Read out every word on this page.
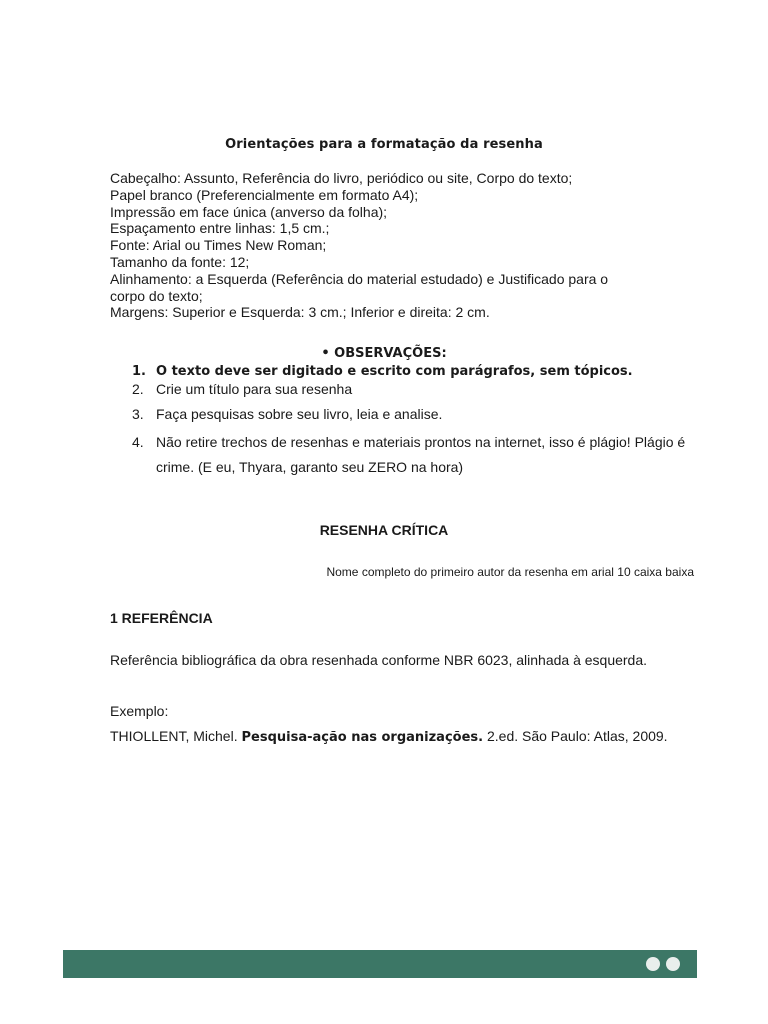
Orientações para a formatação da resenha
Cabeçalho: Assunto, Referência do livro, periódico ou site, Corpo do texto;
Papel branco (Preferencialmente em formato A4);
Impressão em face única (anverso da folha);
Espaçamento entre linhas: 1,5 cm.;
Fonte: Arial ou Times New Roman;
Tamanho da fonte: 12;
Alinhamento: a Esquerda (Referência do material estudado) e Justificado para o
corpo do texto;
Margens: Superior e Esquerda: 3 cm.; Inferior e direita: 2 cm.
• OBSERVAÇÕES:
1. O texto deve ser digitado e escrito com parágrafos, sem tópicos.
2. Crie um título para sua resenha
3. Faça pesquisas sobre seu livro, leia e analise.
4. Não retire trechos de resenhas e materiais prontos na internet, isso é plágio! Plágio é crime. (E eu, Thyara, garanto seu ZERO na hora)
RESENHA CRÍTICA
Nome completo do primeiro autor da resenha em arial 10 caixa baixa
1 REFERÊNCIA
Referência bibliográfica da obra resenhada conforme NBR 6023, alinhada à esquerda.
Exemplo:
THIOLLENT, Michel. Pesquisa-ação nas organizações. 2.ed. São Paulo: Atlas, 2009.
